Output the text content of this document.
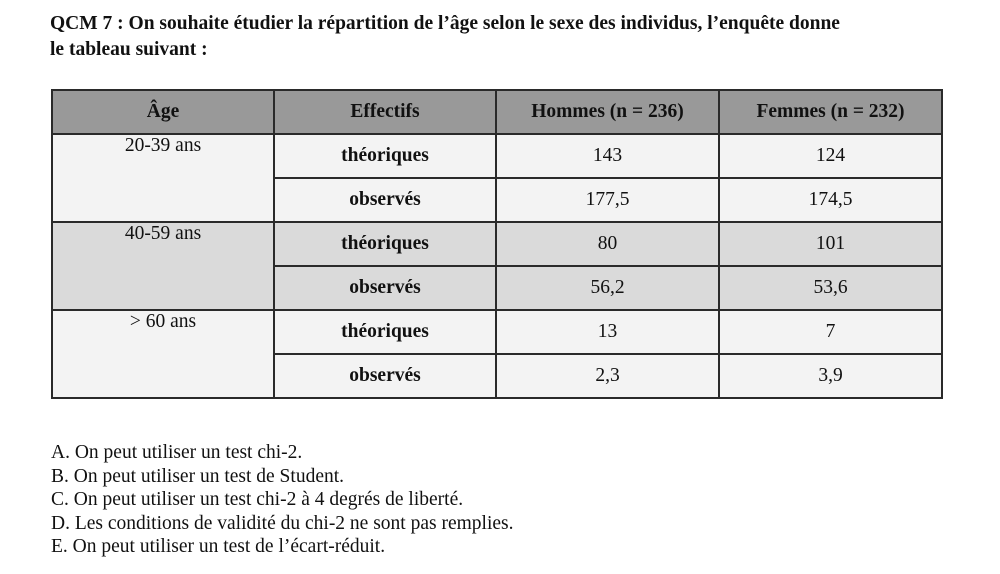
QCM 7 : On souhaite étudier la répartition de l’âge selon le sexe des individus, l’enquête donne
le tableau suivant :
Âge	Effectifs	Hommes (n = 236)	Femmes (n = 232)
20-39 ans	théoriques	143	124
	observés	177,5	174,5
40-59 ans	théoriques	80	101
	observés	56,2	53,6
> 60 ans	théoriques	13	7
	observés	2,3	3,9
A. On peut utiliser un test chi-2.
B. On peut utiliser un test de Student.
C. On peut utiliser un test chi-2 à 4 degrés de liberté.
D. Les conditions de validité du chi-2 ne sont pas remplies.
E. On peut utiliser un test de l’écart-réduit.
